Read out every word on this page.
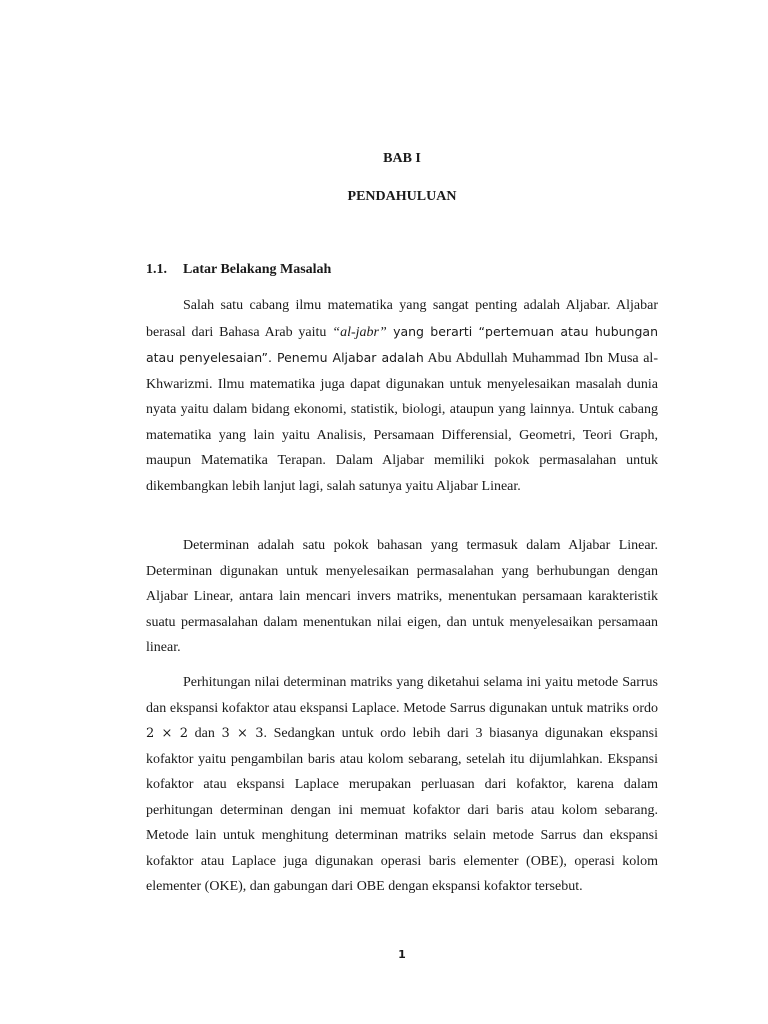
BAB I
PENDAHULUAN
1.1. Latar Belakang Masalah

Salah satu cabang ilmu matematika yang sangat penting adalah Aljabar. Aljabar berasal dari Bahasa Arab yaitu “al-jabr” yang berarti “pertemuan atau hubungan atau penyelesaian”. Penemu Aljabar adalah Abu Abdullah Muhammad Ibn Musa al-Khwarizmi. Ilmu matematika juga dapat digunakan untuk menyelesaikan masalah dunia nyata yaitu dalam bidang ekonomi, statistik, biologi, ataupun yang lainnya. Untuk cabang matematika yang lain yaitu Analisis, Persamaan Differensial, Geometri, Teori Graph, maupun Matematika Terapan. Dalam Aljabar memiliki pokok permasalahan untuk dikembangkan lebih lanjut lagi, salah satunya yaitu Aljabar Linear.

Determinan adalah satu pokok bahasan yang termasuk dalam Aljabar Linear. Determinan digunakan untuk menyelesaikan permasalahan yang berhubungan dengan Aljabar Linear, antara lain mencari invers matriks, menentukan persamaan karakteristik suatu permasalahan dalam menentukan nilai eigen, dan untuk menyelesaikan persamaan linear.

Perhitungan nilai determinan matriks yang diketahui selama ini yaitu metode Sarrus dan ekspansi kofaktor atau ekspansi Laplace. Metode Sarrus digunakan untuk matriks ordo 2 × 2 dan 3 × 3. Sedangkan untuk ordo lebih dari 3 biasanya digunakan ekspansi kofaktor yaitu pengambilan baris atau kolom sebarang, setelah itu dijumlahkan. Ekspansi kofaktor atau ekspansi Laplace merupakan perluasan dari kofaktor, karena dalam perhitungan determinan dengan ini memuat kofaktor dari baris atau kolom sebarang. Metode lain untuk menghitung determinan matriks selain metode Sarrus dan ekspansi kofaktor atau Laplace juga digunakan operasi baris elementer (OBE), operasi kolom elementer (OKE), dan gabungan dari OBE dengan ekspansi kofaktor tersebut.

1
